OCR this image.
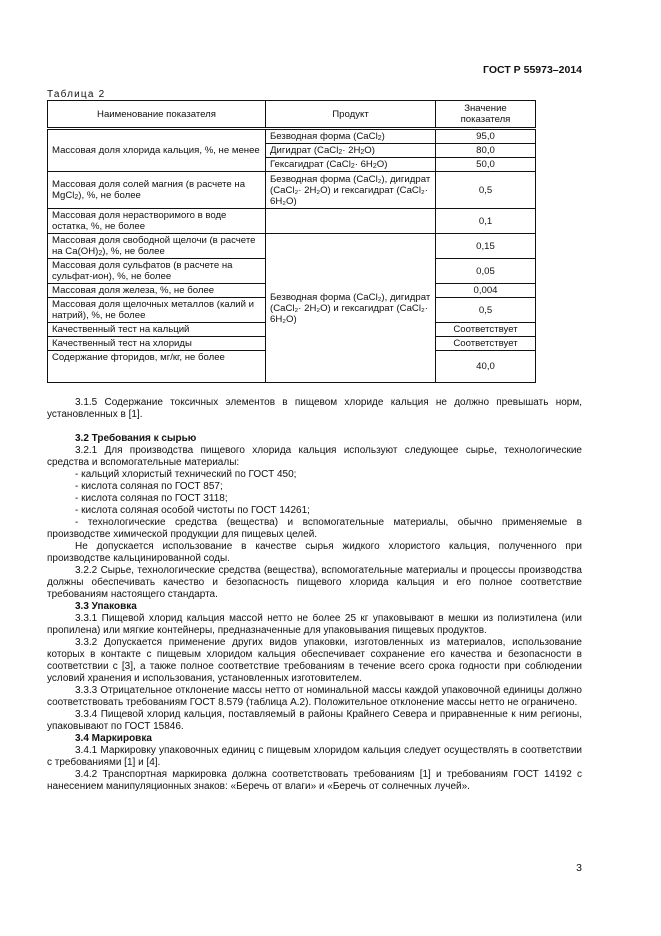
ГОСТ Р 55973–2014
Таблица 2
Наименование показателя	Продукт	Значение показателя
Массовая доля хлорида кальция, %, не менее	Безводная форма (CaCl$_2$)	95,0
	Дигидрат (CaCl$_2$· $2H_2O$)	80,0
	Гексагидрат (CaCl$_2$· $6H_2O$)	50,0
Массовая доля солей магния (в расчете на MgCl$_2$), %, не более	Безводная форма (CaCl₂), дигидрат (CaCl₂· 2H₂O) и гексагидрат (CaCl₂· 6H₂O)	0,5
Массовая доля нерастворимого в воде остатка, %, не более		0,1
Массовая доля свободной щелочи (в расчете на $Ca(OH)_2$), %, не более	Безводная форма (CaCl₂), дигидрат (CaCl₂· 2H₂O) и гексагидрат (CaCl₂· 6H₂O)	0,15
Массовая доля сульфатов (в расчете на сульфат-ион), %, не более		0,05
Массовая доля железа, %, не более		0,004
Массовая доля щелочных металлов (калий и натрий), %, не более		0,5
Качественный тест на кальций		Соответствует
Качественный тест на хлориды		Соответствует
Содержание фторидов, мг/кг, не более		40,0

3.1.5 Содержание токсичных элементов в пищевом хлориде кальция не должно превышать норм, установленных в [1].

3.2 Требования к сырью

3.2.1 Для производства пищевого хлорида кальция используют следующее сырье, технологические средства и вспомогательные материалы:

- кальций хлористый технический по ГОСТ 450;

- кислота соляная по ГОСТ 857;

- кислота соляная по ГОСТ 3118;

- кислота соляная особой чистоты по ГОСТ 14261;

- технологические средства (вещества) и вспомогательные материалы, обычно применяемые в производстве химической продукции для пищевых целей.

Не допускается использование в качестве сырья жидкого хлористого кальция, полученного при производстве кальцинированной соды.

3.2.2 Сырье, технологические средства (вещества), вспомогательные материалы и процессы производства должны обеспечивать качество и безопасность пищевого хлорида кальция и его полное соответствие требованиям настоящего стандарта.

3.3 Упаковка

3.3.1 Пищевой хлорид кальция массой нетто не более 25 кг упаковывают в мешки из полиэтилена (или пропилена) или мягкие контейнеры, предназначенные для упаковывания пищевых продуктов.

3.3.2 Допускается применение других видов упаковки, изготовленных из материалов, использование которых в контакте с пищевым хлоридом кальция обеспечивает сохранение его качества и безопасности в соответствии с [3], а также полное соответствие требованиям в течение всего срока годности при соблюдении условий хранения и использования, установленных изготовителем.

3.3.3 Отрицательное отклонение массы нетто от номинальной массы каждой упаковочной единицы должно соответствовать требованиям ГОСТ 8.579 (таблица А.2). Положительное отклонение массы нетто не ограничено.

3.3.4 Пищевой хлорид кальция, поставляемый в районы Крайнего Севера и приравненные к ним регионы, упаковывают по ГОСТ 15846.

3.4 Маркировка

3.4.1 Маркировку упаковочных единиц с пищевым хлоридом кальция следует осуществлять в соответствии с требованиями [1] и [4].

3.4.2 Транспортная маркировка должна соответствовать требованиям [1] и требованиям ГОСТ 14192 с нанесением манипуляционных знаков: «Беречь от влаги» и «Беречь от солнечных лучей».

3
